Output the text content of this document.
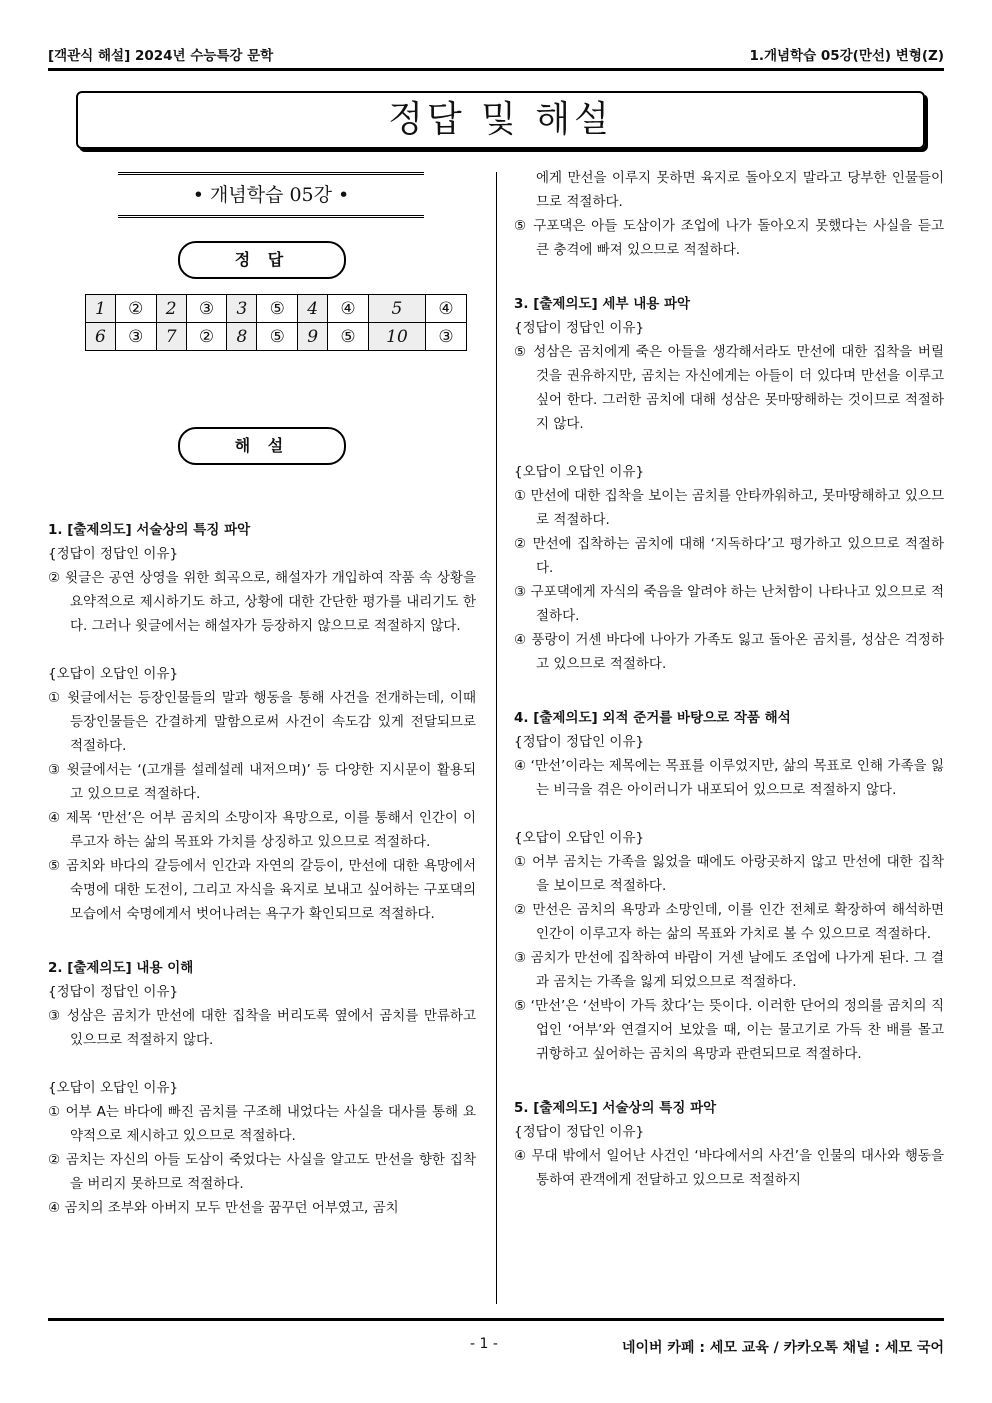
[객관식 해설] 2024년 수능특강 문학	1.개념학습 05강(만선) 변형(Z)
정답 및 해설
• 개념학습 05강 •
정 답
1	②	2	③	3	⑤	4	④	5	④
6	③	7	②	8	⑤	9	⑤	10	③
해 설
1. [출제의도] 서술상의 특징 파악
{정답이 정답인 이유}
② 윗글은 공연 상영을 위한 희곡으로, 해설자가 개입하여 작품 속 상황을 요약적으로 제시하기도 하고, 상황에 대한 간단한 평가를 내리기도 한다. 그러나 윗글에서는 해설자가 등장하지 않으므로 적절하지 않다.
{오답이 오답인 이유}
① 윗글에서는 등장인물들의 말과 행동을 통해 사건을 전개하는데, 이때 등장인물들은 간결하게 말함으로써 사건이 속도감 있게 전달되므로 적절하다.
③ 윗글에서는 ‘(고개를 설레설레 내저으며)’ 등 다양한 지시문이 활용되고 있으므로 적절하다.
④ 제목 ‘만선’은 어부 곰치의 소망이자 욕망으로, 이를 통해서 인간이 이루고자 하는 삶의 목표와 가치를 상징하고 있으므로 적절하다.
⑤ 곰치와 바다의 갈등에서 인간과 자연의 갈등이, 만선에 대한 욕망에서 숙명에 대한 도전이, 그리고 자식을 육지로 보내고 싶어하는 구포댁의 모습에서 숙명에게서 벗어나려는 욕구가 확인되므로 적절하다.
2. [출제의도] 내용 이해
{정답이 정답인 이유}
③ 성삼은 곰치가 만선에 대한 집착을 버리도록 옆에서 곰치를 만류하고 있으므로 적절하지 않다.
{오답이 오답인 이유}
① 어부 A는 바다에 빠진 곰치를 구조해 내었다는 사실을 대사를 통해 요약적으로 제시하고 있으므로 적절하다.
② 곰치는 자신의 아들 도삼이 죽었다는 사실을 알고도 만선을 향한 집착을 버리지 못하므로 적절하다.
④ 곰치의 조부와 아버지 모두 만선을 꿈꾸던 어부였고, 곰치
에게 만선을 이루지 못하면 육지로 돌아오지 말라고 당부한 인물들이므로 적절하다.
⑤ 구포댁은 아들 도삼이가 조업에 나가 돌아오지 못했다는 사실을 듣고 큰 충격에 빠져 있으므로 적절하다.
3. [출제의도] 세부 내용 파악
{정답이 정답인 이유}
⑤ 성삼은 곰치에게 죽은 아들을 생각해서라도 만선에 대한 집착을 버릴 것을 권유하지만, 곰치는 자신에게는 아들이 더 있다며 만선을 이루고 싶어 한다. 그러한 곰치에 대해 성삼은 못마땅해하는 것이므로 적절하지 않다.
{오답이 오답인 이유}
① 만선에 대한 집착을 보이는 곰치를 안타까워하고, 못마땅해하고 있으므로 적절하다.
② 만선에 집착하는 곰치에 대해 ‘지독하다’고 평가하고 있으므로 적절하다.
③ 구포댁에게 자식의 죽음을 알려야 하는 난처함이 나타나고 있으므로 적절하다.
④ 풍랑이 거센 바다에 나아가 가족도 잃고 돌아온 곰치를, 성삼은 걱정하고 있으므로 적절하다.
4. [출제의도] 외적 준거를 바탕으로 작품 해석
{정답이 정답인 이유}
④ ‘만선’이라는 제목에는 목표를 이루었지만, 삶의 목표로 인해 가족을 잃는 비극을 겪은 아이러니가 내포되어 있으므로 적절하지 않다.
{오답이 오답인 이유}
① 어부 곰치는 가족을 잃었을 때에도 아랑곳하지 않고 만선에 대한 집착을 보이므로 적절하다.
② 만선은 곰치의 욕망과 소망인데, 이를 인간 전체로 확장하여 해석하면 인간이 이루고자 하는 삶의 목표와 가치로 볼 수 있으므로 적절하다.
③ 곰치가 만선에 집착하여 바람이 거센 날에도 조업에 나가게 된다. 그 결과 곰치는 가족을 잃게 되었으므로 적절하다.
⑤ ‘만선’은 ‘선박이 가득 찼다’는 뜻이다. 이러한 단어의 정의를 곰치의 직업인 ‘어부’와 연결지어 보았을 때, 이는 물고기로 가득 찬 배를 몰고 귀항하고 싶어하는 곰치의 욕망과 관련되므로 적절하다.
5. [출제의도] 서술상의 특징 파악
{정답이 정답인 이유}
④ 무대 밖에서 일어난 사건인 ‘바다에서의 사건’을 인물의 대사와 행동을 통하여 관객에게 전달하고 있으므로 적절하지
- 1 -	네이버 카페 : 세모 교육 / 카카오톡 채널 : 세모 국어
